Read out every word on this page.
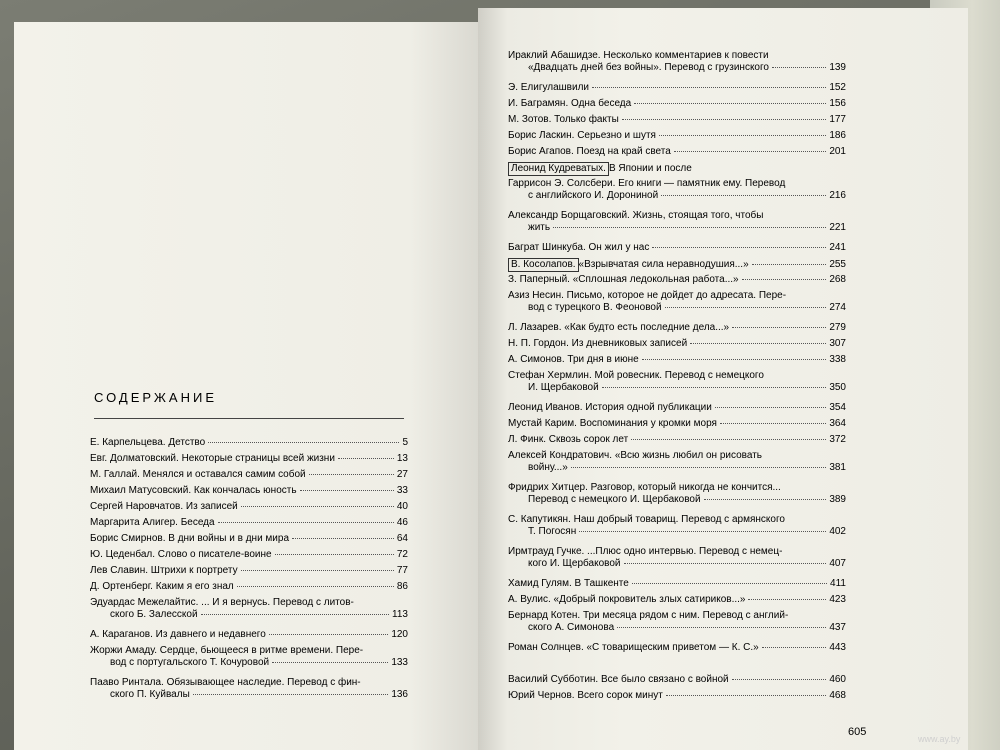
СОДЕРЖАНИЕ
Е. Карпельцева. Детство	5
Евг. Долматовский. Некоторые страницы всей жизни	13
М. Галлай. Менялся и оставался самим собой	27
Михаил Матусовский. Как кончалась юность	33
Сергей Наровчатов. Из записей	40
Маргарита Алигер. Беседа	46
Борис Смирнов. В дни войны и в дни мира	64
Ю. Цеденбал. Слово о писателе-воине	72
Лев Славин. Штрихи к портрету	77
Д. Ортенберг. Каким я его знал	86
Эдуардас Межелайтис. ... И я вернусь. Перевод с литов-
ского Б. Залесской	113
А. Караганов. Из давнего и недавнего	120
Жоржи Амаду. Сердце, бьющееся в ритме времени. Пере-
вод с португальского Т. Кочуровой	133
Пааво Ринтала. Обязывающее наследие. Перевод с фин-
ского П. Куйвалы	136
Ираклий Абашидзе. Несколько комментариев к повести
«Двадцать дней без войны». Перевод с грузинского	139
Э. Елигулашвили	152
И. Баграмян. Одна беседа	156
М. Зотов. Только факты	177
Борис Ласкин. Серьезно и шутя	186
Борис Агапов. Поезд на край света	201
Леонид Кудреватых. В Японии и после
Гаррисон Э. Солсбери. Его книги — памятник ему. Перевод
с английского И. Дорониной	216
Александр Борщаговский. Жизнь, стоящая того, чтобы
жить	221
Баграт Шинкуба. Он жил у нас	241
В. Косолапов. «Взрывчатая сила неравнодушия...»	255
З. Паперный. «Сплошная ледокольная работа...»	268
Азиз Несин. Письмо, которое не дойдет до адресата. Пере-
вод с турецкого В. Феоновой	274
Л. Лазарев. «Как будто есть последние дела...»	279
Н. П. Гордон. Из дневниковых записей	307
А. Симонов. Три дня в июне	338
Стефан Хермлин. Мой ровесник. Перевод с немецкого
И. Щербаковой	350
Леонид Иванов. История одной публикации	354
Мустай Карим. Воспоминания у кромки моря	364
Л. Финк. Сквозь сорок лет	372
Алексей Кондратович. «Всю жизнь любил он рисовать
войну...»	381
Фридрих Хитцер. Разговор, который никогда не кончится...
Перевод с немецкого И. Щербаковой	389
С. Капутикян. Наш добрый товарищ. Перевод с армянского
Т. Погосян	402
Ирмтрауд Гучке. ...Плюс одно интервью. Перевод с немец-
кого И. Щербаковой	407
Хамид Гулям. В Ташкенте	411
А. Вулис. «Добрый покровитель злых сатириков...»	423
Бернард Котен. Три месяца рядом с ним. Перевод с англий-
ского А. Симонова	437
Роман Солнцев. «С товарищеским приветом — К. С.»	443
Василий Субботин. Все было связано с войной	460
Юрий Чернов. Всего сорок минут	468
605
www.ay.by
